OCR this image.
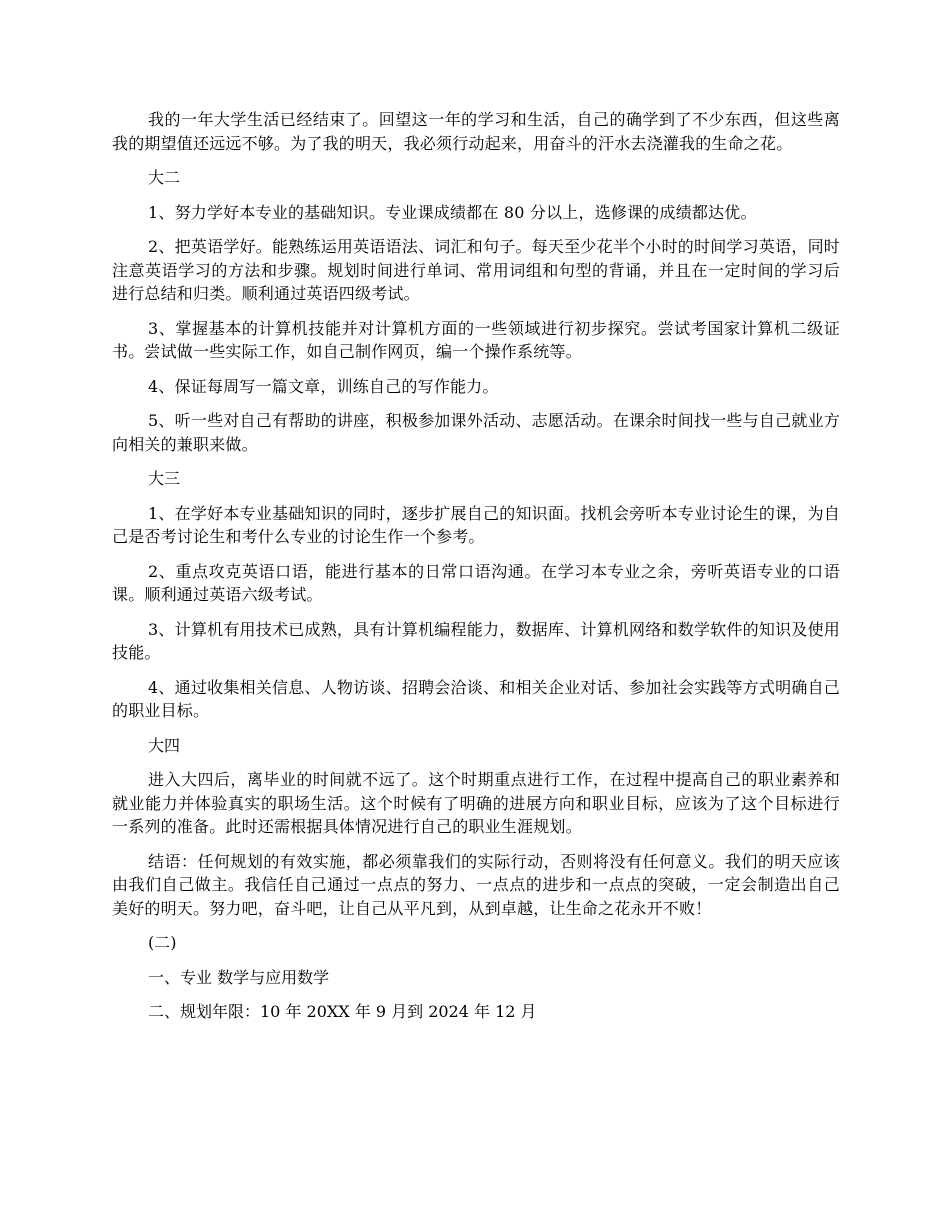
我的一年大学生活已经结束了。回望这一年的学习和生活，自己的确学到了不少东西，但这些离我的期望值还远远不够。为了我的明天，我必须行动起来，用奋斗的汗水去浇灌我的生命之花。

大二

1、努力学好本专业的基础知识。专业课成绩都在 80 分以上，选修课的成绩都达优。

2、把英语学好。能熟练运用英语语法、词汇和句子。每天至少花半个小时的时间学习英语，同时注意英语学习的方法和步骤。规划时间进行单词、常用词组和句型的背诵，并且在一定时间的学习后进行总结和归类。顺利通过英语四级考试。

3、掌握基本的计算机技能并对计算机方面的一些领域进行初步探究。尝试考国家计算机二级证书。尝试做一些实际工作，如自己制作网页，编一个操作系统等。

4、保证每周写一篇文章，训练自己的写作能力。

5、听一些对自己有帮助的讲座，积极参加课外活动、志愿活动。在课余时间找一些与自己就业方向相关的兼职来做。

大三

1、在学好本专业基础知识的同时，逐步扩展自己的知识面。找机会旁听本专业讨论生的课，为自己是否考讨论生和考什么专业的讨论生作一个参考。

2、重点攻克英语口语，能进行基本的日常口语沟通。在学习本专业之余，旁听英语专业的口语课。顺利通过英语六级考试。

3、计算机有用技术已成熟，具有计算机编程能力，数据库、计算机网络和数学软件的知识及使用技能。

4、通过收集相关信息、人物访谈、招聘会洽谈、和相关企业对话、参加社会实践等方式明确自己的职业目标。

大四

进入大四后，离毕业的时间就不远了。这个时期重点进行工作，在过程中提高自己的职业素养和就业能力并体验真实的职场生活。这个时候有了明确的进展方向和职业目标，应该为了这个目标进行一系列的准备。此时还需根据具体情况进行自己的职业生涯规划。

结语：任何规划的有效实施，都必须靠我们的实际行动，否则将没有任何意义。我们的明天应该由我们自己做主。我信任自己通过一点点的努力、一点点的进步和一点点的突破，一定会制造出自己美好的明天。努力吧，奋斗吧，让自己从平凡到，从到卓越，让生命之花永开不败！

(二)

一、专业 数学与应用数学

二、规划年限：10 年 20XX 年 9 月到 2024 年 12 月
